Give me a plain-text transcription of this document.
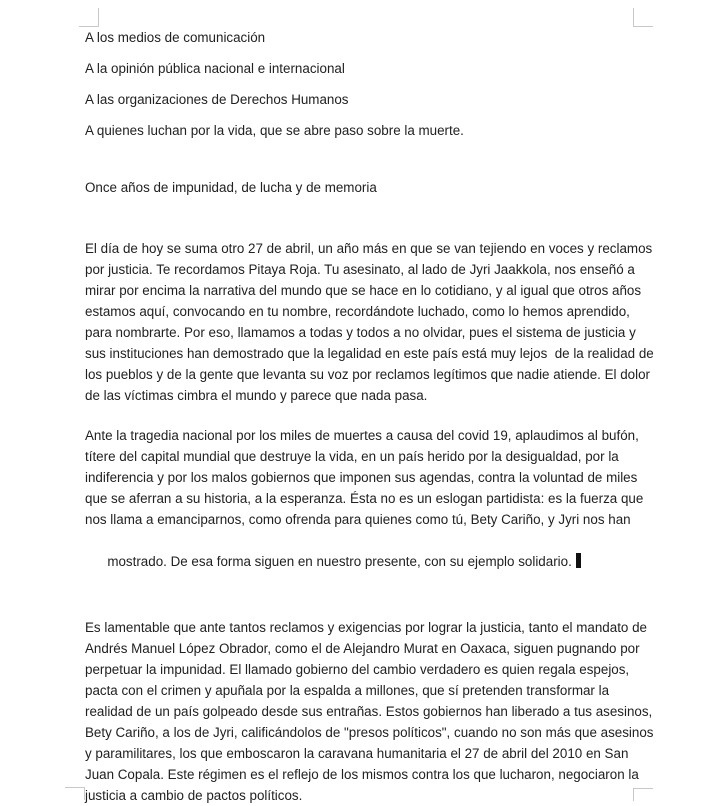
A los medios de comunicación

A la opinión pública nacional e internacional

A las organizaciones de Derechos Humanos

A quienes luchan por la vida, que se abre paso sobre la muerte.

Once años de impunidad, de lucha y de memoria

El día de hoy se suma otro 27 de abril, un año más en que se van tejiendo en voces y reclamos
por justicia. Te recordamos Pitaya Roja. Tu asesinato, al lado de Jyri Jaakkola, nos enseñó a
mirar por encima la narrativa del mundo que se hace en lo cotidiano, y al igual que otros años
estamos aquí, convocando en tu nombre, recordándote luchado, como lo hemos aprendido,
para nombrarte. Por eso, llamamos a todas y todos a no olvidar, pues el sistema de justicia y
sus instituciones han demostrado que la legalidad en este país está muy lejos  de la realidad de
los pueblos y de la gente que levanta su voz por reclamos legítimos que nadie atiende. El dolor
de las víctimas cimbra el mundo y parece que nada pasa.
Ante la tragedia nacional por los miles de muertes a causa del covid 19, aplaudimos al bufón,
títere del capital mundial que destruye la vida, en un país herido por la desigualdad, por la
indiferencia y por los malos gobiernos que imponen sus agendas, contra la voluntad de miles
que se aferran a su historia, a la esperanza. Ésta no es un eslogan partidista: es la fuerza que
nos llama a emanciparnos, como ofrenda para quienes como tú, Bety Cariño, y Jyri nos han

mostrado. De esa forma siguen en nuestro presente, con su ejemplo solidario.

Es lamentable que ante tantos reclamos y exigencias por lograr la justicia, tanto el mandato de
Andrés Manuel López Obrador, como el de Alejandro Murat en Oaxaca, siguen pugnando por
perpetuar la impunidad. El llamado gobierno del cambio verdadero es quien regala espejos,
pacta con el crimen y apuñala por la espalda a millones, que sí pretenden transformar la
realidad de un país golpeado desde sus entrañas. Estos gobiernos han liberado a tus asesinos,
Bety Cariño, a los de Jyri, calificándolos de "presos políticos", cuando no son más que asesinos
y paramilitares, los que emboscaron la caravana humanitaria el 27 de abril del 2010 en San
Juan Copala. Este régimen es el reflejo de los mismos contra los que lucharon, negociaron la
justicia a cambio de pactos políticos.
